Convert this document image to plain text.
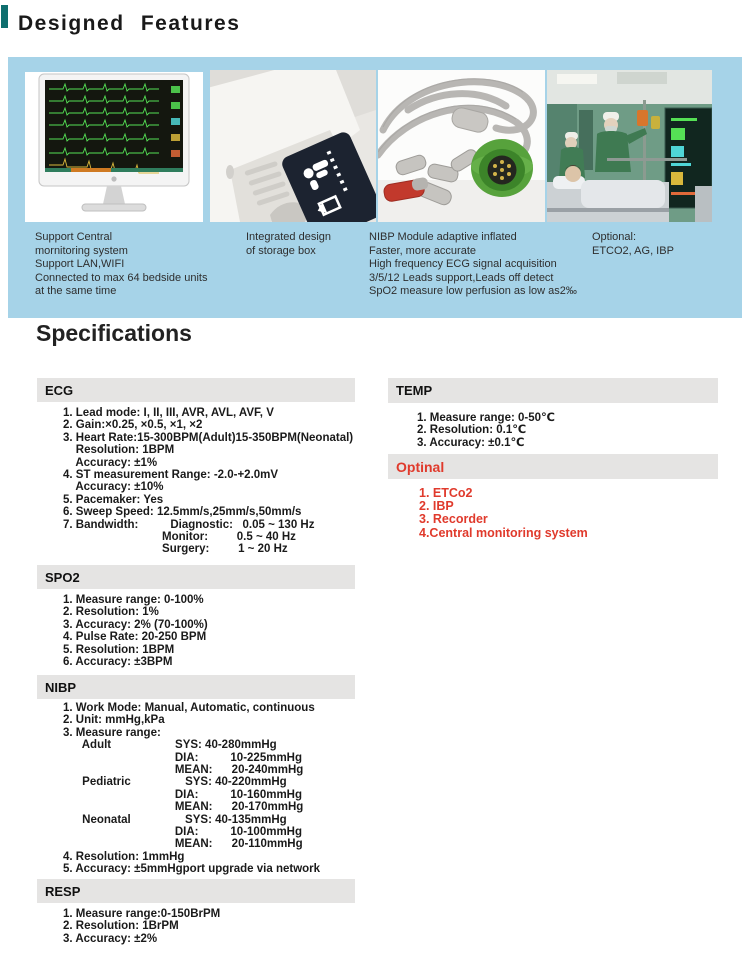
Designed Features
Support Central
mornitoring system
Support LAN,WIFI
Connected to max 64 bedside units
at the same time
Integrated design
of storage box
NIBP Module adaptive inflated
Faster, more accurate
High frequency ECG signal acquisition
3/5/12 Leads support,Leads off detect
SpO2 measure low perfusion as low as2‰
Optional:
ETCO2, AG, IBP
Specifications
ECG
1. Lead mode: I, II, III, AVR, AVL, AVF, V
2. Gain:×0.25, ×0.5, ×1, ×2
3. Heart Rate:15-300BPM(Adult)15-350BPM(Neonatal)
Resolution: 1BPM
Accuracy: ±1%
4. ST measurement Range: -2.0-+2.0mV
Accuracy: ±10%
5. Pacemaker: Yes
6. Sweep Speed: 12.5mm/s,25mm/s,50mm/s
7. Bandwidth:          Diagnostic:   0.05 ~ 130 Hz
Monitor:         0.5 ~ 40 Hz
Surgery:         1 ~ 20 Hz
SPO2
1. Measure range: 0-100%
2. Resolution: 1%
3. Accuracy: 2% (70-100%)
4. Pulse Rate: 20-250 BPM
5. Resolution: 1BPM
6. Accuracy: ±3BPM
NIBP
1. Work Mode: Manual, Automatic, continuous
2. Unit: mmHg,kPa
3. Measure range:
Adult                    SYS: 40-280mmHg
DIA:          10-225mmHg
MEAN:      20-240mmHg
Pediatric                 SYS: 40-220mmHg
DIA:          10-160mmHg
MEAN:      20-170mmHg
Neonatal                 SYS: 40-135mmHg
DIA:          10-100mmHg
MEAN:      20-110mmHg
4. Resolution: 1mmHg
5. Accuracy: ±5mmHgport upgrade via network
RESP
1. Measure range:0-150BrPM
2. Resolution: 1BrPM
3. Accuracy: ±2%
TEMP
1. Measure range: 0-50℃
2. Resolution: 0.1℃
3. Accuracy: ±0.1℃
Optinal
1. ETCo2
2. IBP
3. Recorder
4.Central monitoring system
